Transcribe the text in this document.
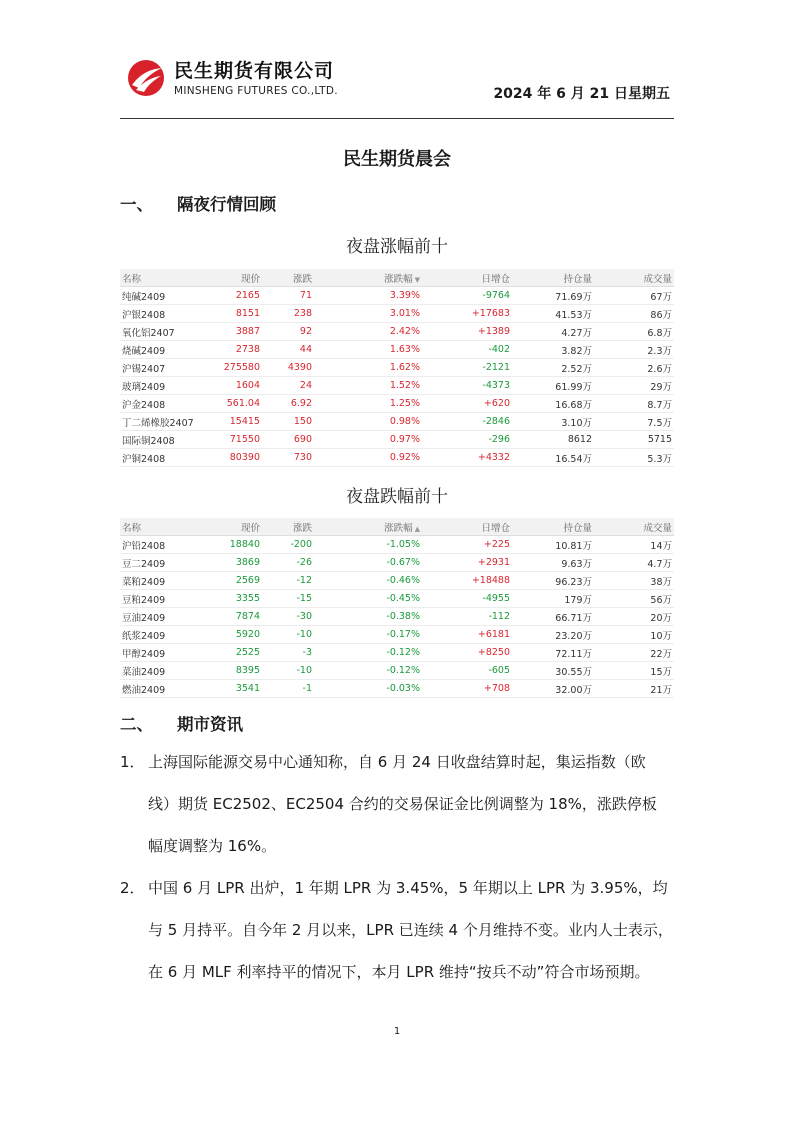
民生期货有限公司
MINSHENG FUTURES CO.,LTD.	2024 年 6 月 21 日星期五
民生期货晨会
一、 隔夜行情回顾
夜盘涨幅前十
名称	现价	涨跌	涨跌幅 ▼	日增仓	持仓量	成交量
纯碱2409	2165	71	3.39%	-9764	71.69万	67万
沪银2408	8151	238	3.01%	+17683	41.53万	86万
氧化铝2407	3887	92	2.42%	+1389	4.27万	6.8万
烧碱2409	2738	44	1.63%	-402	3.82万	2.3万
沪锡2407	275580	4390	1.62%	-2121	2.52万	2.6万
玻璃2409	1604	24	1.52%	-4373	61.99万	29万
沪金2408	561.04	6.92	1.25%	+620	16.68万	8.7万
丁二烯橡胶2407	15415	150	0.98%	-2846	3.10万	7.5万
国际铜2408	71550	690	0.97%	-296	8612	5715
沪铜2408	80390	730	0.92%	+4332	16.54万	5.3万
夜盘跌幅前十
名称	现价	涨跌	涨跌幅 ▲	日增仓	持仓量	成交量
沪铅2408	18840	-200	-1.05%	+225	10.81万	14万
豆二2409	3869	-26	-0.67%	+2931	9.63万	4.7万
菜粕2409	2569	-12	-0.46%	+18488	96.23万	38万
豆粕2409	3355	-15	-0.45%	-4955	179万	56万
豆油2409	7874	-30	-0.38%	-112	66.71万	20万
纸浆2409	5920	-10	-0.17%	+6181	23.20万	10万
甲醇2409	2525	-3	-0.12%	+8250	72.11万	22万
菜油2409	8395	-10	-0.12%	-605	30.55万	15万
燃油2409	3541	-1	-0.03%	+708	32.00万	21万
二、 期市资讯
1． 上海国际能源交易中心通知称，自 6 月 24 日收盘结算时起，集运指数（欧
线）期货 EC2502、EC2504 合约的交易保证金比例调整为 18%，涨跌停板
幅度调整为 16%。
2． 中国 6 月 LPR 出炉，1 年期 LPR 为 3.45%，5 年期以上 LPR 为 3.95%，均
与 5 月持平。自今年 2 月以来，LPR 已连续 4 个月维持不变。业内人士表示，
在 6 月 MLF 利率持平的情况下，本月 LPR 维持“按兵不动”符合市场预期。
1
